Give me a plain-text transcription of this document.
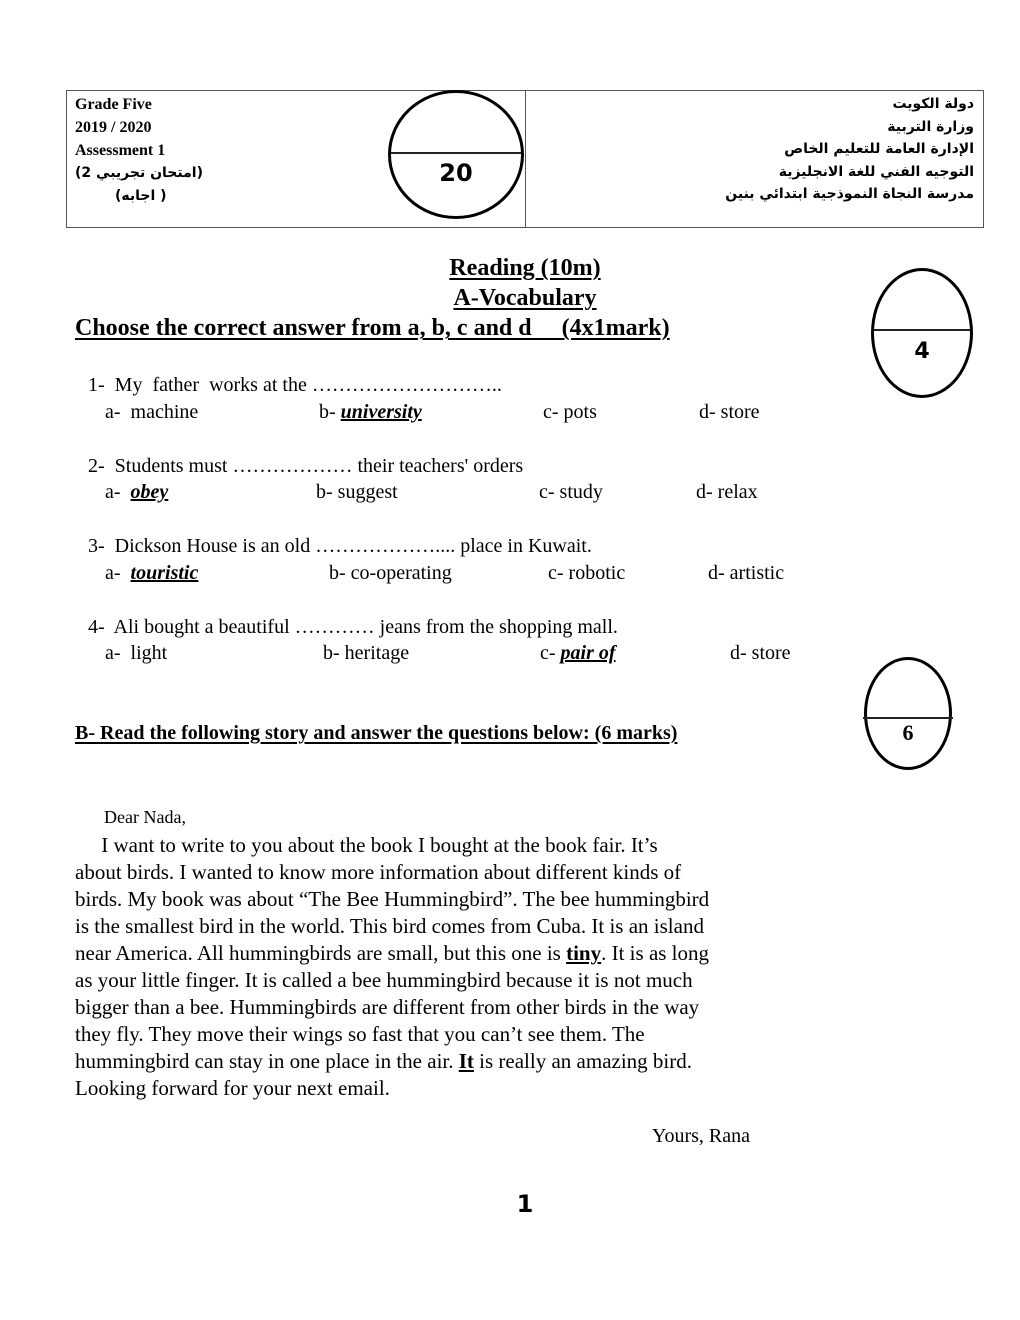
Grade Five
2019 / 2020
Assessment 1
(امتحان تجريبي 2)
( اجابه)
دولة الكويت
وزارة التربية
الإدارة العامة للتعليم الخاص
التوجيه الفني للغة الانجليزية
مدرسة النجاة النموذجية ابتدائي بنين
20
Reading (10m)
A-Vocabulary
Choose the correct answer from a, b, c and d     (4x1mark)
4
1-  My  father  works at the ………………………..
a-  machine	b- university	c- pots	d- store
2-  Students must ……………… their teachers' orders
a-  obey	b- suggest	c- study	d- relax
3-  Dickson House is an old ……………….... place in Kuwait.
a-  touristic	b- co-operating	c- robotic	d- artistic
4-  Ali bought a beautiful ………… jeans from the shopping mall.
a-  light	b- heritage	c- pair of	d- store
6
B- Read the following story and answer the questions below: (6 marks)
Dear Nada,

I want to write to you about the book I bought at the book fair. It’s

about birds. I wanted to know more information about different kinds of

birds. My book was about “The Bee Hummingbird”. The bee hummingbird

is the smallest bird in the world. This bird comes from Cuba. It is an island

near America. All hummingbirds are small, but this one is tiny. It is as long

as your little finger. It is called a bee hummingbird because it is not much

bigger than a bee. Hummingbirds are different from other birds in the way

they fly. They move their wings so fast that you can’t see them. The

hummingbird can stay in one place in the air. It is really an amazing bird.

Looking forward for your next email.

Yours, Rana
1
